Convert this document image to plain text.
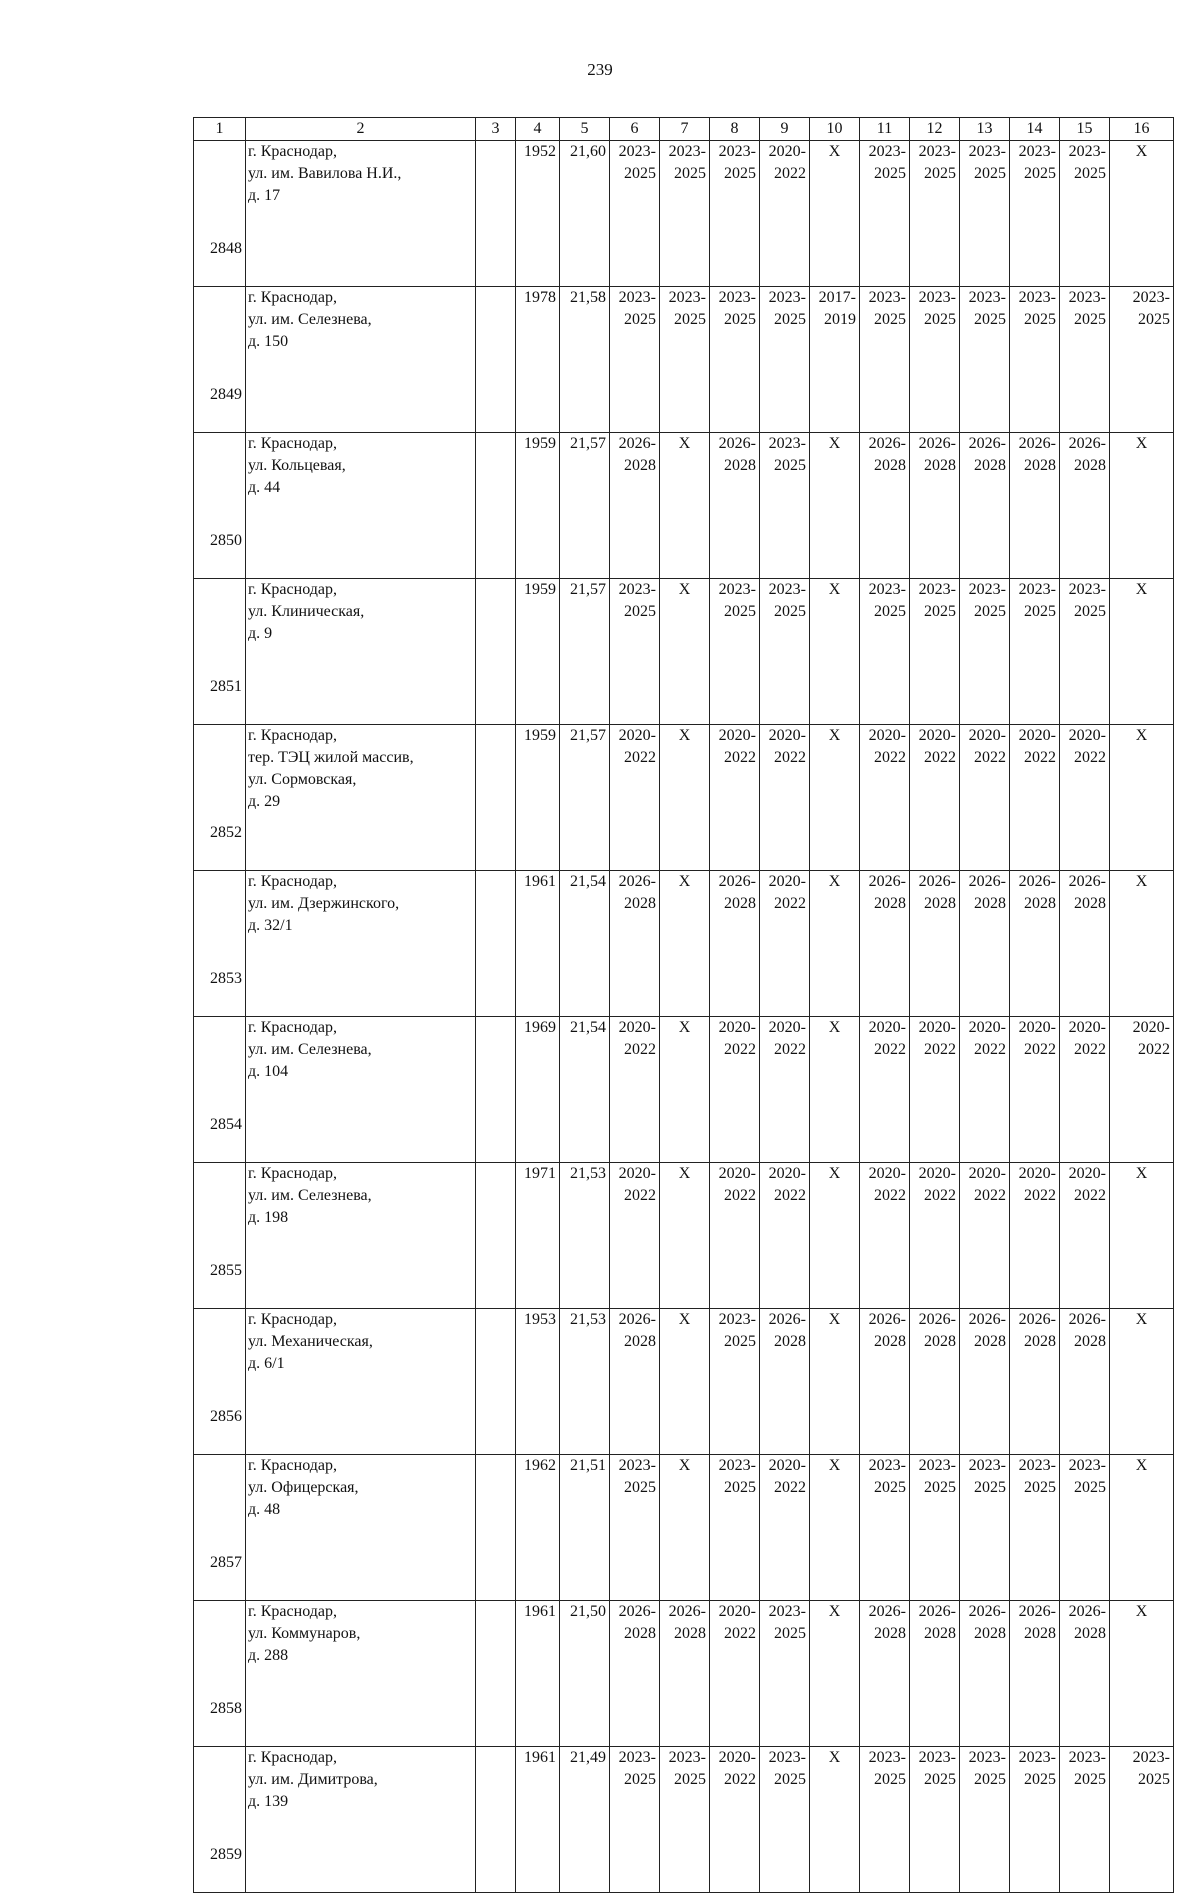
239
1	2	3	4	5	6	7	8	9	10	11	12	13	14	15	16
2848	г. Краснодар,
ул. им. Вавилова Н.И.,
д. 17		1952	21,60	2023-
2025	2023-
2025	2023-
2025	2020-
2022	Х	2023-
2025	2023-
2025	2023-
2025	2023-
2025	2023-
2025	Х
2849	г. Краснодар,
ул. им. Селезнева,
д. 150		1978	21,58	2023-
2025	2023-
2025	2023-
2025	2023-
2025	2017-
2019	2023-
2025	2023-
2025	2023-
2025	2023-
2025	2023-
2025	2023-
2025

2850	г. Краснодар,
ул. Кольцевая,
д. 44		1959	21,57	2026-
2028	Х	2026-
2028	2023-
2025	Х	2026-
2028	2026-
2028	2026-
2028	2026-
2028	2026-
2028	Х
2851	г. Краснодар,
ул. Клиническая,
д. 9		1959	21,57	2023-
2025	Х	2023-
2025	2023-
2025	Х	2023-
2025	2023-
2025	2023-
2025	2023-
2025	2023-
2025	Х
2852	г. Краснодар,
тер. ТЭЦ жилой массив,
ул. Сормовская,
д. 29		1959	21,57	2020-
2022	Х	2020-
2022	2020-
2022	Х	2020-
2022	2020-
2022	2020-
2022	2020-
2022	2020-
2022	Х
2853	г. Краснодар,
ул. им. Дзержинского,
д. 32/1		1961	21,54	2026-
2028	Х	2026-
2028	2020-
2022	Х	2026-
2028	2026-
2028	2026-
2028	2026-
2028	2026-
2028	Х
2854	г. Краснодар,
ул. им. Селезнева,
д. 104		1969	21,54	2020-
2022	Х	2020-
2022	2020-
2022	Х	2020-
2022	2020-
2022	2020-
2022	2020-
2022	2020-
2022	2020-
2022

2855	г. Краснодар,
ул. им. Селезнева,
д. 198		1971	21,53	2020-
2022	Х	2020-
2022	2020-
2022	Х	2020-
2022	2020-
2022	2020-
2022	2020-
2022	2020-
2022	Х
2856	г. Краснодар,
ул. Механическая,
д. 6/1		1953	21,53	2026-
2028	Х	2023-
2025	2026-
2028	Х	2026-
2028	2026-
2028	2026-
2028	2026-
2028	2026-
2028	Х
2857	г. Краснодар,
ул. Офицерская,
д. 48		1962	21,51	2023-
2025	Х	2023-
2025	2020-
2022	Х	2023-
2025	2023-
2025	2023-
2025	2023-
2025	2023-
2025	Х
2858	г. Краснодар,
ул. Коммунаров,
д. 288		1961	21,50	2026-
2028	2026-
2028	2020-
2022	2023-
2025	Х	2026-
2028	2026-
2028	2026-
2028	2026-
2028	2026-
2028	Х
2859	г. Краснодар,
ул. им. Димитрова,
д. 139		1961	21,49	2023-
2025	2023-
2025	2020-
2022	2023-
2025	Х	2023-
2025	2023-
2025	2023-
2025	2023-
2025	2023-
2025	2023-
2025
